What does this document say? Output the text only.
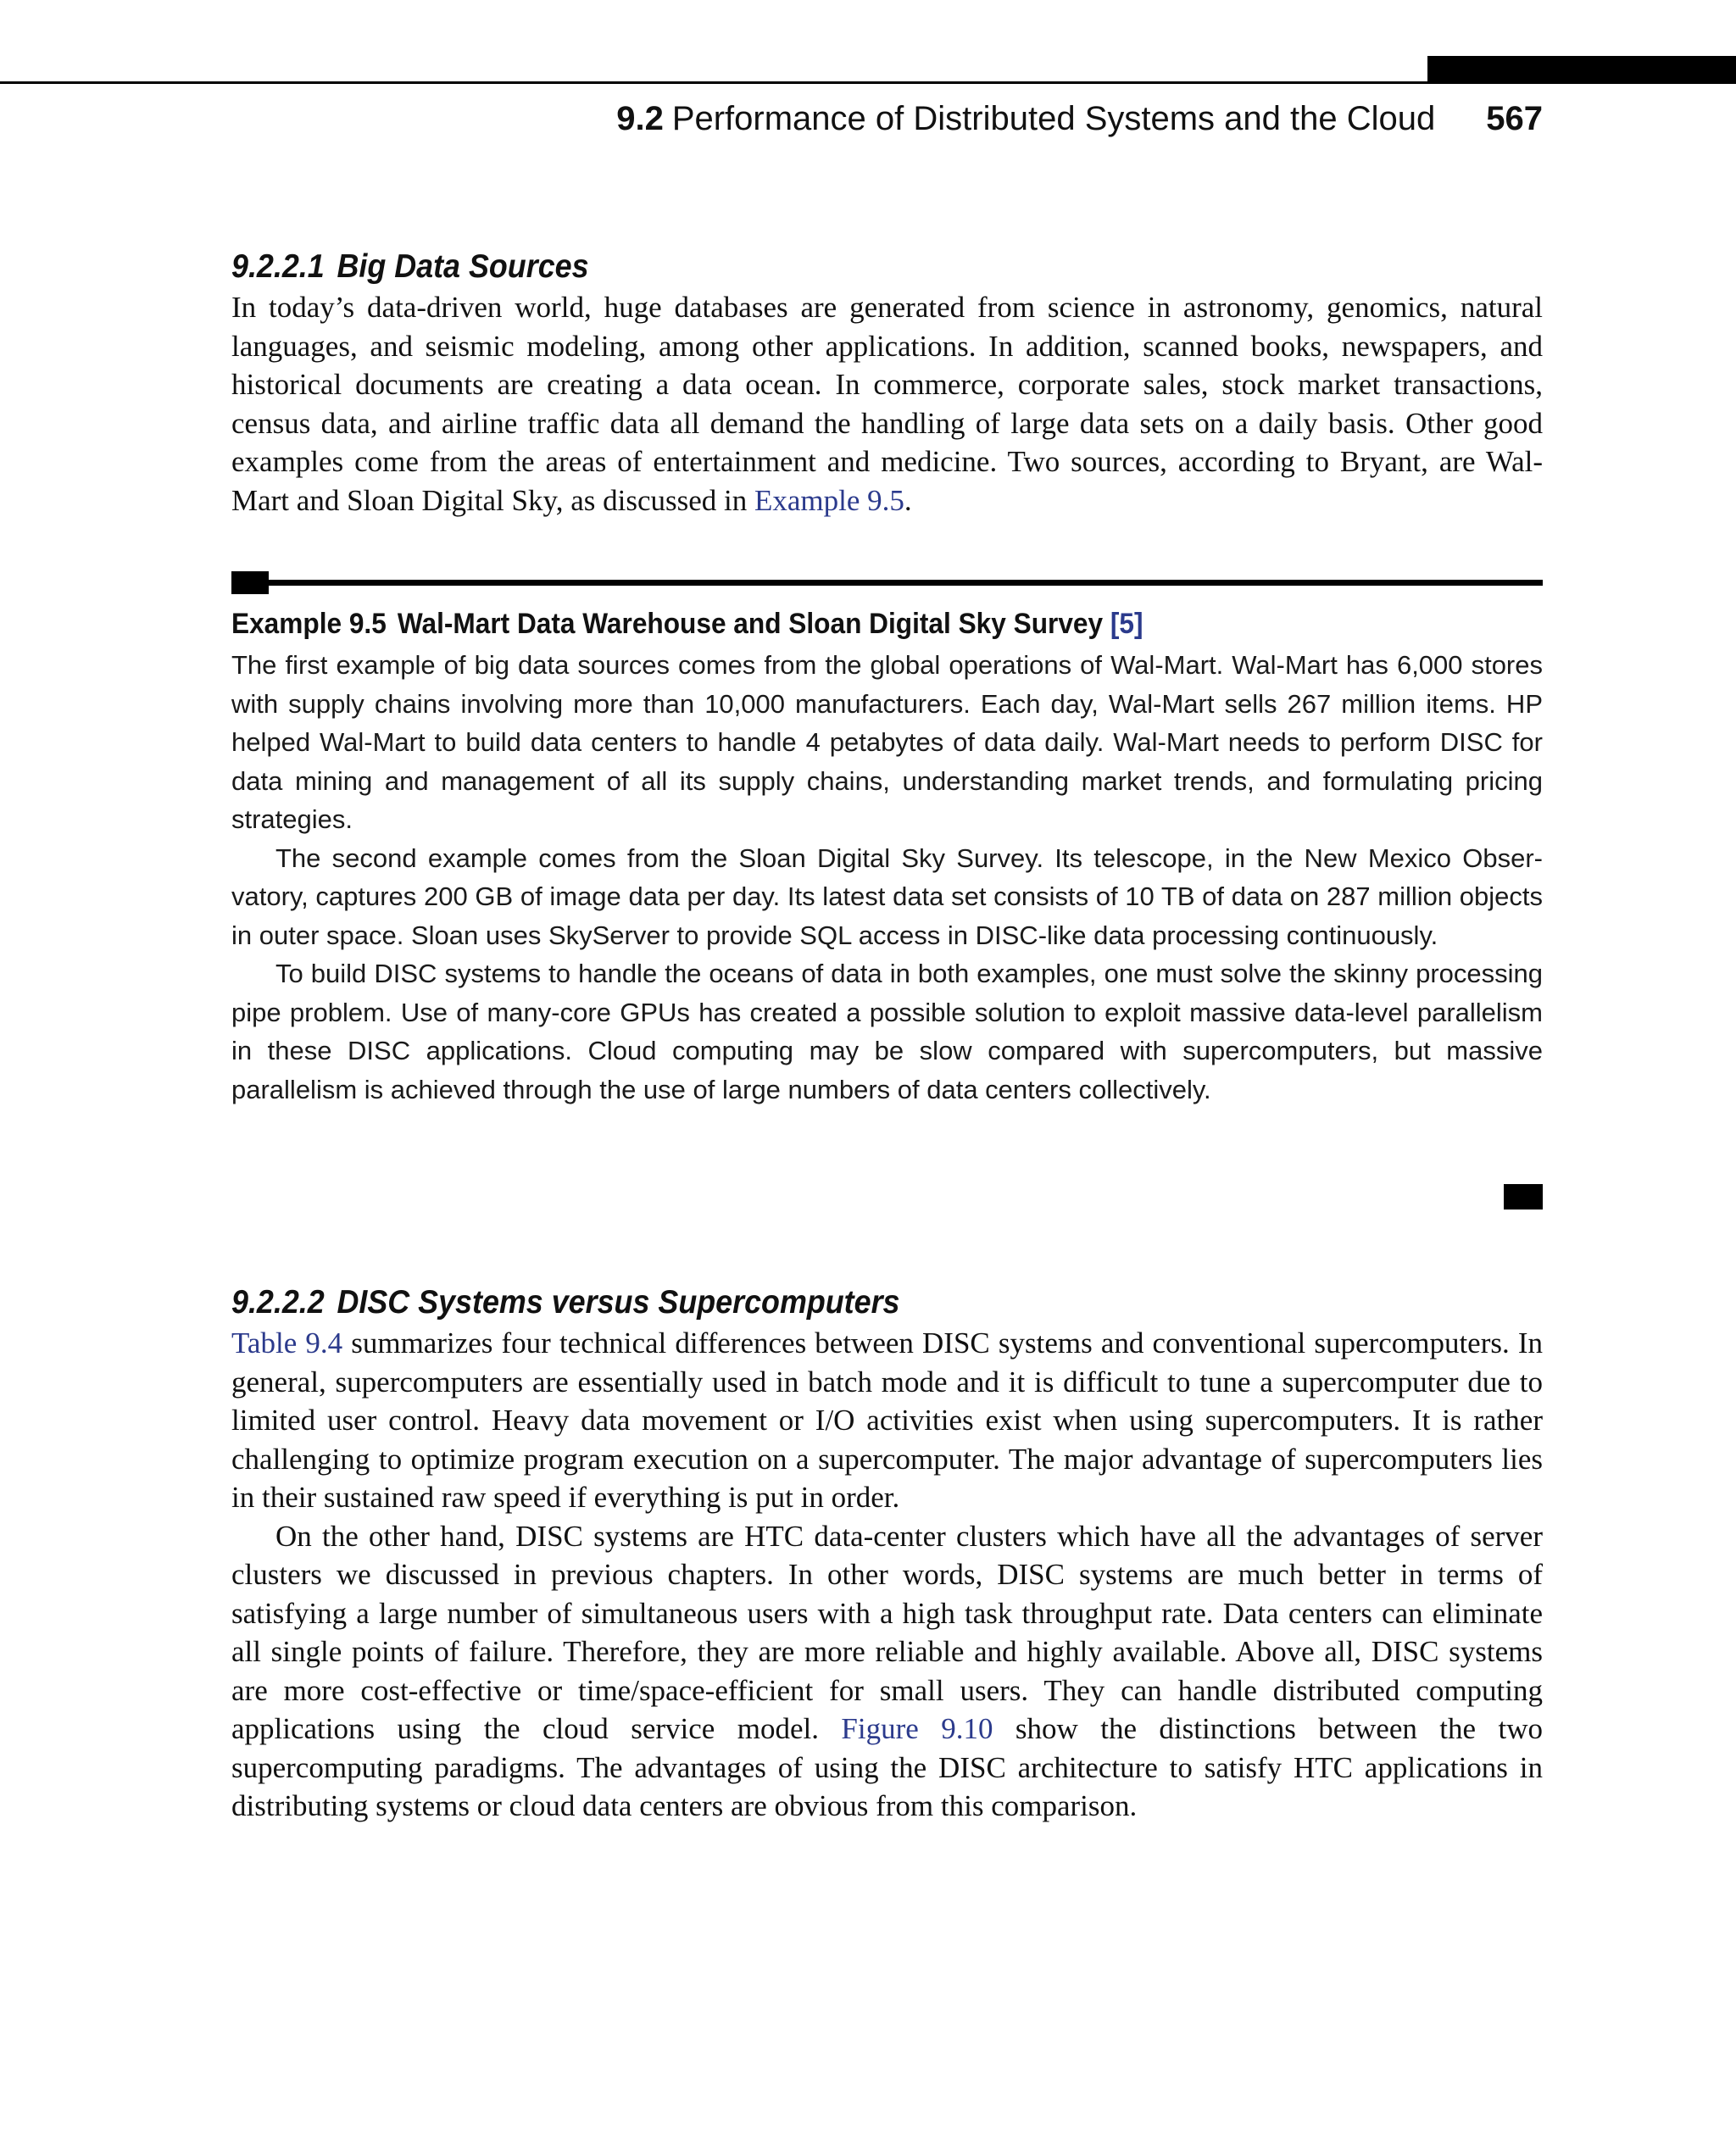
9.2 Performance of Distributed Systems and the Cloud 567
9.2.2.1 Big Data Sources

In today’s data-driven world, huge databases are generated from science in astronomy, genomics, natural languages, and seismic modeling, among other applications. In addition, scanned books, newspapers, and historical documents are creating a data ocean. In commerce, corporate sales, stock market transactions, census data, and airline traffic data all demand the handling of large data sets on a daily basis. Other good examples come from the areas of entertainment and medicine. Two sources, according to Bryant, are Wal-Mart and Sloan Digital Sky, as discussed in Example 9.5.

Example 9.5 Wal-Mart Data Warehouse and Sloan Digital Sky Survey [5]

The first example of big data sources comes from the global operations of Wal-Mart. Wal-Mart has 6,000 stores with supply chains involving more than 10,000 manufacturers. Each day, Wal-Mart sells 267 million items. HP helped Wal-Mart to build data centers to handle 4 petabytes of data daily. Wal-Mart needs to perform DISC for data mining and management of all its supply chains, understanding market trends, and formulating pricing strategies.

The second example comes from the Sloan Digital Sky Survey. Its telescope, in the New Mexico Observatory, captures 200 GB of image data per day. Its latest data set consists of 10 TB of data on 287 million objects in outer space. Sloan uses SkyServer to provide SQL access in DISC-like data processing continuously.

To build DISC systems to handle the oceans of data in both examples, one must solve the skinny processing pipe problem. Use of many-core GPUs has created a possible solution to exploit massive data-level parallelism in these DISC applications. Cloud computing may be slow compared with supercomputers, but massive parallelism is achieved through the use of large numbers of data centers collectively.

9.2.2.2 DISC Systems versus Supercomputers

Table 9.4 summarizes four technical differences between DISC systems and conventional supercomputers. In general, supercomputers are essentially used in batch mode and it is difficult to tune a supercomputer due to limited user control. Heavy data movement or I/O activities exist when using supercomputers. It is rather challenging to optimize program execution on a supercomputer. The major advantage of supercomputers lies in their sustained raw speed if everything is put in order.

On the other hand, DISC systems are HTC data-center clusters which have all the advantages of server clusters we discussed in previous chapters. In other words, DISC systems are much better in terms of satisfying a large number of simultaneous users with a high task throughput rate. Data centers can eliminate all single points of failure. Therefore, they are more reliable and highly available. Above all, DISC systems are more cost-effective or time/space-efficient for small users. They can handle distributed computing applications using the cloud service model. Figure 9.10 show the distinctions between the two supercomputing paradigms. The advantages of using the DISC architecture to satisfy HTC applications in distributing systems or cloud data centers are obvious from this comparison.
